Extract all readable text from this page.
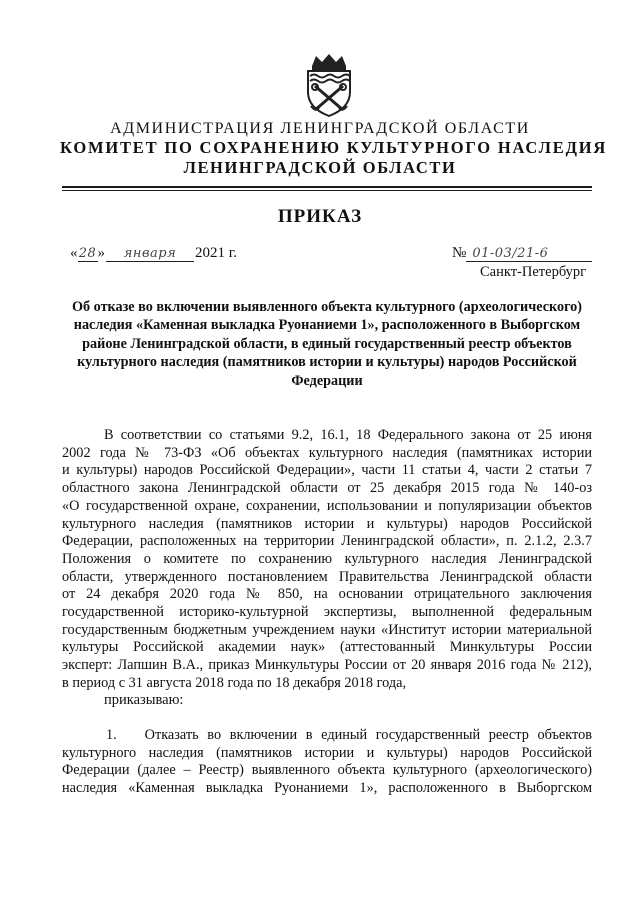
АДМИНИСТРАЦИЯ ЛЕНИНГРАДСКОЙ ОБЛАСТИ
КОМИТЕТ ПО СОХРАНЕНИЮ КУЛЬТУРНОГО НАСЛЕДИЯ
ЛЕНИНГРАДСКОЙ ОБЛАСТИ
ПРИКАЗ
«28» января 2021 г.	№ 01-03/21-6
Санкт-Петербург
Об отказе во включении выявленного объекта культурного (археологического)
наследия «Каменная выкладка Руонаниеми 1», расположенного в Выборгском
районе Ленинградской области, в единый государственный реестр объектов
культурного наследия (памятников истории и культуры) народов Российской
Федерации
В соответствии со статьями 9.2, 16.1, 18 Федерального закона от 25 июня
2002 года № 73-ФЗ «Об объектах культурного наследия (памятниках истории
и культуры) народов Российской Федерации», части 11 статьи 4, части 2 статьи 7
областного закона Ленинградской области от 25 декабря 2015 года № 140-оз
«О государственной охране, сохранении, использовании и популяризации объектов
культурного наследия (памятников истории и культуры) народов Российской
Федерации, расположенных на территории Ленинградской области», п. 2.1.2, 2.3.7
Положения о комитете по сохранению культурного наследия Ленинградской
области, утвержденного постановлением Правительства Ленинградской области
от 24 декабря 2020 года № 850, на основании отрицательного заключения
государственной историко-культурной экспертизы, выполненной федеральным
государственным бюджетным учреждением науки «Институт истории материальной
культуры Российской академии наук» (аттестованный Минкультуры России
эксперт: Лапшин В.А., приказ Минкультуры России от 20 января 2016 года № 212),
в период с 31 августа 2018 года по 18 декабря 2018 года,
приказываю:
1. Отказать во включении в единый государственный реестр объектов
культурного наследия (памятников истории и культуры) народов Российской
Федерации (далее – Реестр) выявленного объекта культурного (археологического)
наследия «Каменная выкладка Руонаниеми 1», расположенного в Выборгском
